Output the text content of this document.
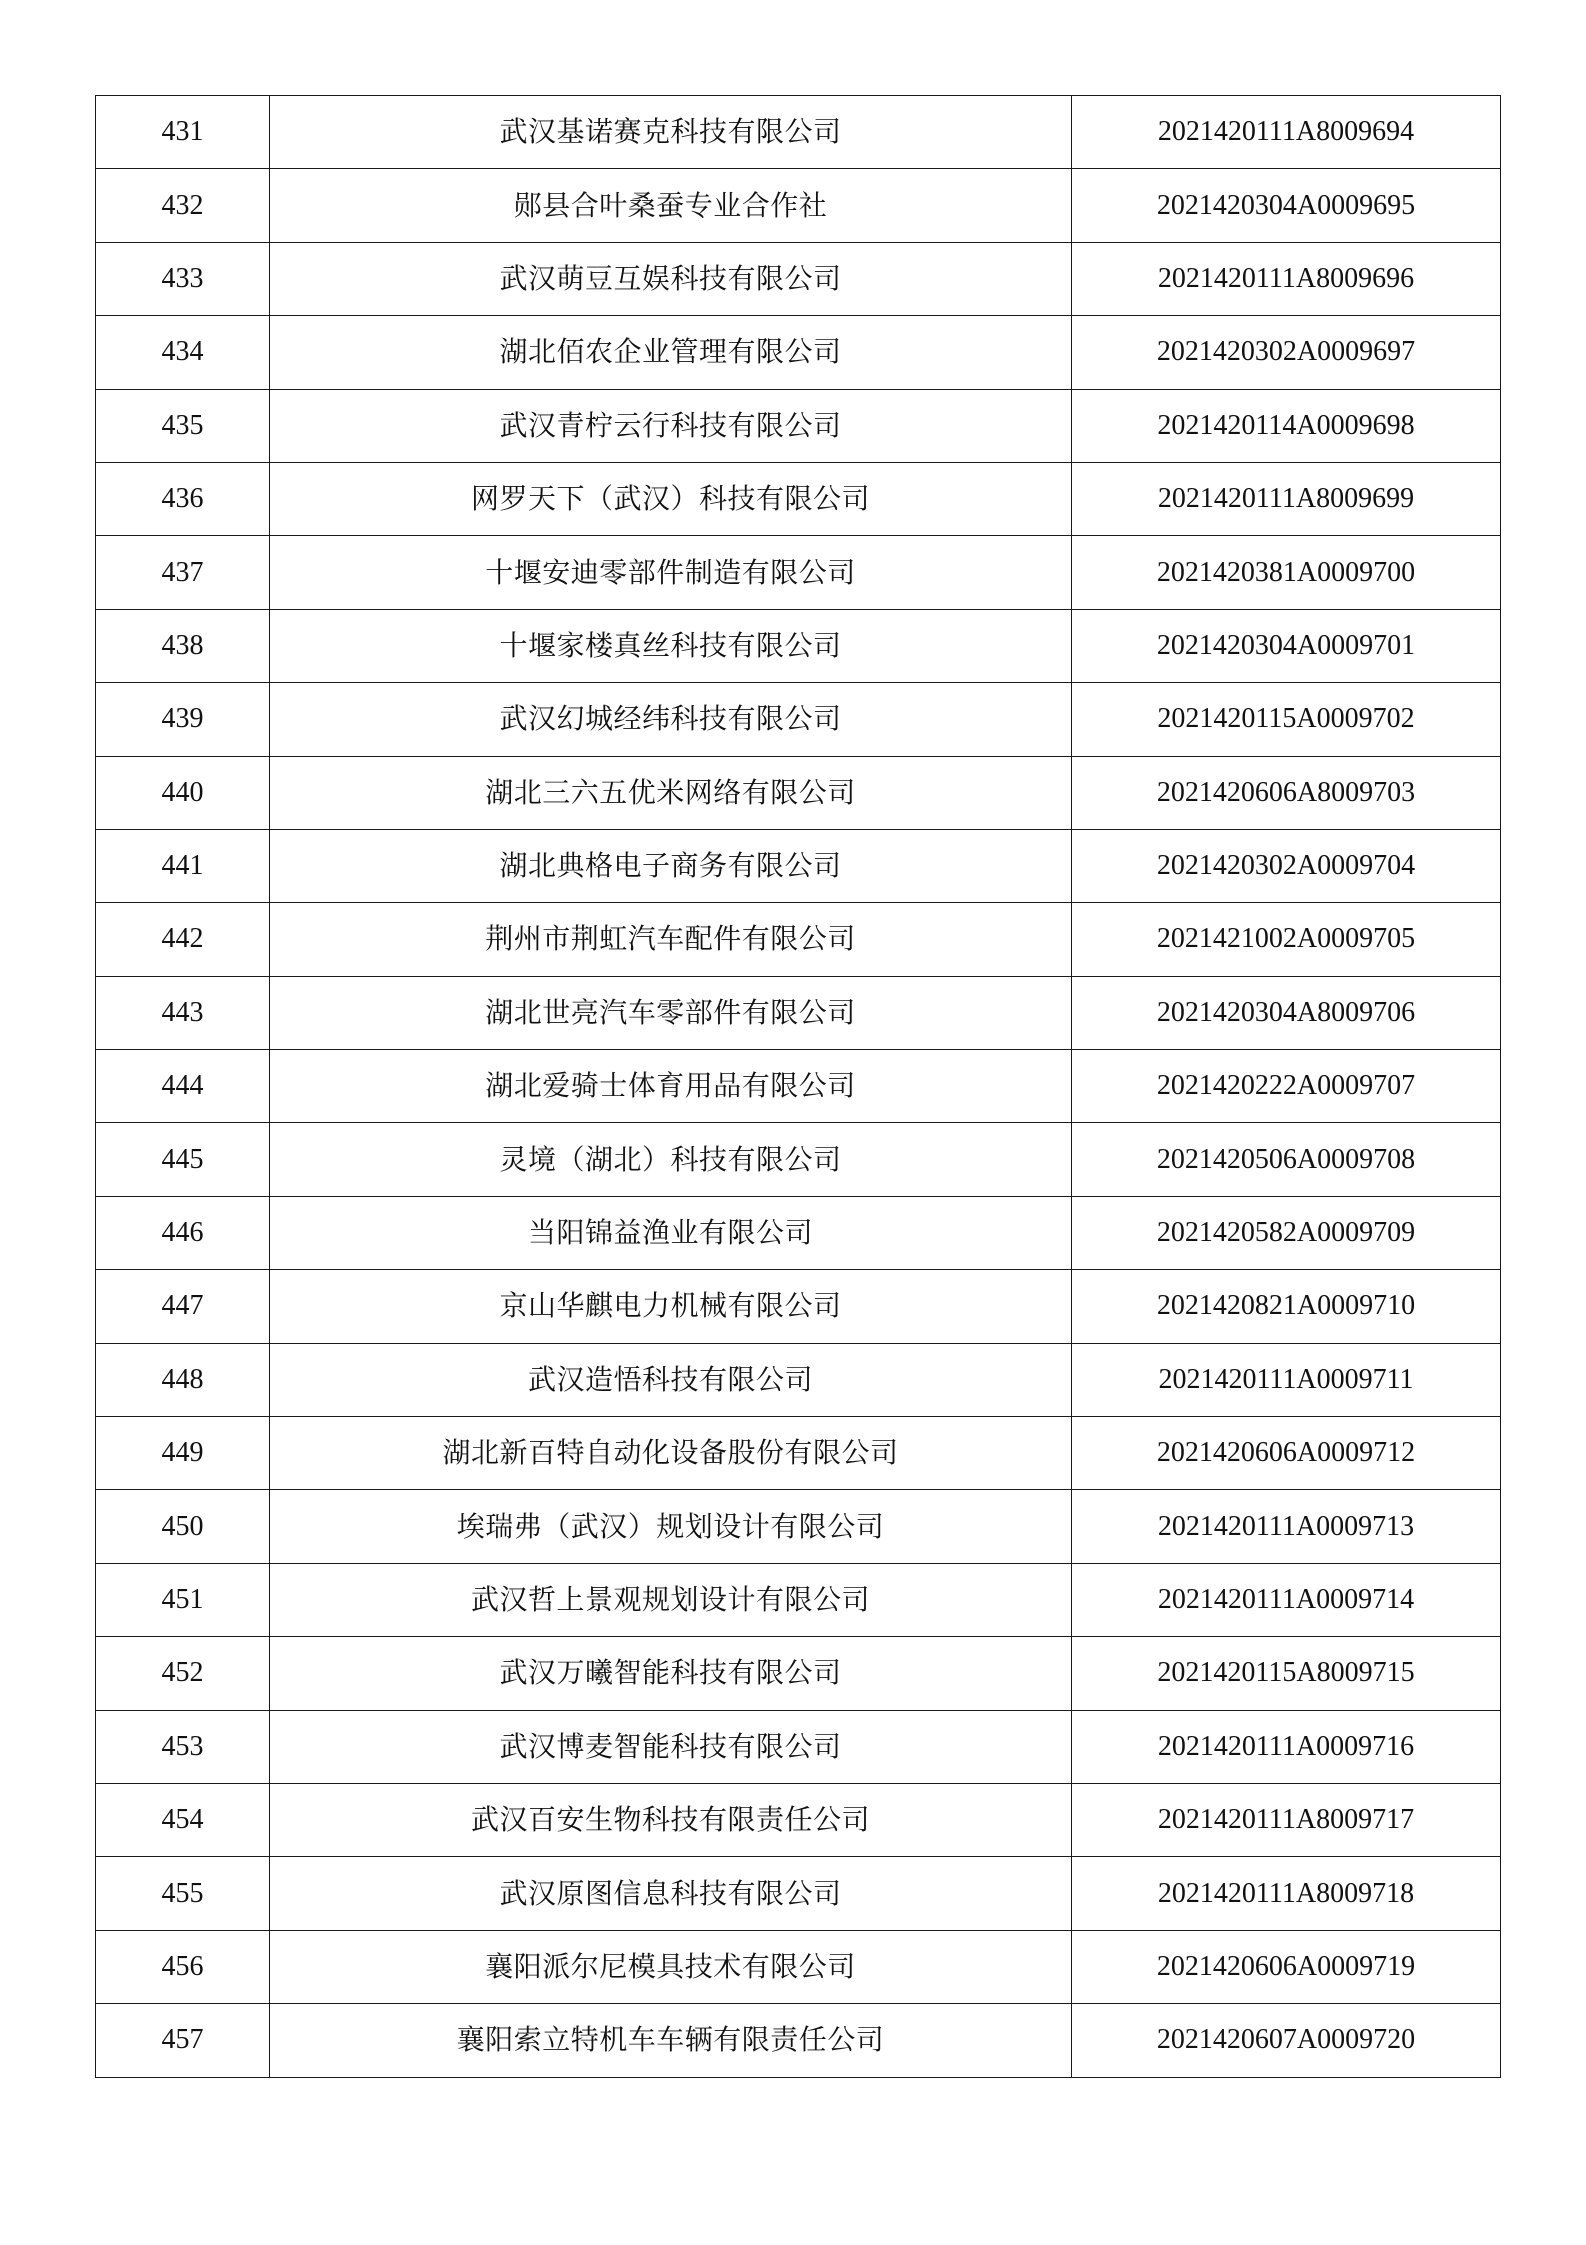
431	武汉基诺赛克科技有限公司	2021420111A8009694
432	郧县合叶桑蚕专业合作社	2021420304A0009695
433	武汉萌豆互娱科技有限公司	2021420111A8009696
434	湖北佰农企业管理有限公司	2021420302A0009697
435	武汉青柠云行科技有限公司	2021420114A0009698
436	网罗天下（武汉）科技有限公司	2021420111A8009699
437	十堰安迪零部件制造有限公司	2021420381A0009700
438	十堰家楼真丝科技有限公司	2021420304A0009701
439	武汉幻城经纬科技有限公司	2021420115A0009702
440	湖北三六五优米网络有限公司	2021420606A8009703
441	湖北典格电子商务有限公司	2021420302A0009704
442	荆州市荆虹汽车配件有限公司	2021421002A0009705
443	湖北世亮汽车零部件有限公司	2021420304A8009706
444	湖北爱骑士体育用品有限公司	2021420222A0009707
445	灵境（湖北）科技有限公司	2021420506A0009708
446	当阳锦益渔业有限公司	2021420582A0009709
447	京山华麒电力机械有限公司	2021420821A0009710
448	武汉造悟科技有限公司	2021420111A0009711
449	湖北新百特自动化设备股份有限公司	2021420606A0009712
450	埃瑞弗（武汉）规划设计有限公司	2021420111A0009713
451	武汉哲上景观规划设计有限公司	2021420111A0009714
452	武汉万曦智能科技有限公司	2021420115A8009715
453	武汉博麦智能科技有限公司	2021420111A0009716
454	武汉百安生物科技有限责任公司	2021420111A8009717
455	武汉原图信息科技有限公司	2021420111A8009718
456	襄阳派尔尼模具技术有限公司	2021420606A0009719
457	襄阳索立特机车车辆有限责任公司	2021420607A0009720
